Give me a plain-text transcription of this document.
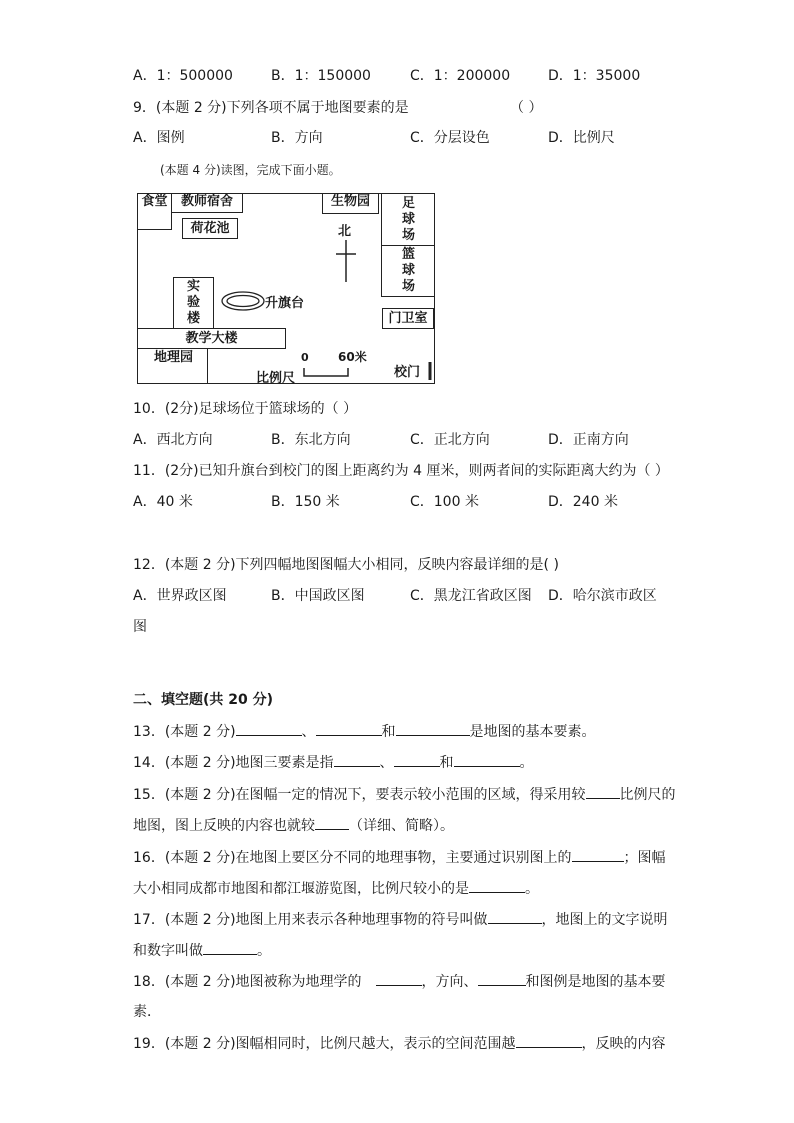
A．1：500000	B．1：150000	C．1：200000	D．1：35000
9．(本题 2 分)下列各项不属于地图要素的是	（ ）
A．图例	B．方向	C．分层设色	D．比例尺
(本题 4 分)读图，完成下面小题。
食堂	教师宿舍
荷花池
生物园
北
足
球
场
篮
球
场
门卫室
实
验
楼
升旗台
教学大楼
地理园	0 60米
比例尺	校门
10．(2分)足球场位于篮球场的（ ）
A．西北方向	B．东北方向	C．正北方向	D．正南方向
11．(2分)已知升旗台到校门的图上距离约为 4 厘米，则两者间的实际距离大约为（ ）
A．40 米	B．150 米	C．100 米	D．240 米
12．(本题 2 分)下列四幅地图图幅大小相同，反映内容最详细的是( )
A．世界政区图	B．中国政区图	C．黑龙江省政区图 D．哈尔滨市政区
图
二、填空题(共 20 分)
13．(本题 2 分)	、	和	是地图的基本要素。
14．(本题 2 分)地图三要素是指	、	和	。
15．(本题 2 分)在图幅一定的情况下，要表示较小范围的区域，得采用较 比例尺的
地图，图上反映的内容也就较 （详细、简略）。
16．(本题 2 分)在地图上要区分不同的地理事物，主要通过识别图上的	；图幅
大小相同成都市地图和都江堰游览图，比例尺较小的是	。
17．(本题 2 分)地图上用来表示各种地理事物的符号叫做	，地图上的文字说明
和数字叫做	。
18．(本题 2 分)地图被称为地理学的	，方向、	和图例是地图的基本要
素．
19．(本题 2 分)图幅相同时，比例尺越大，表示的空间范围越	，反映的内容
